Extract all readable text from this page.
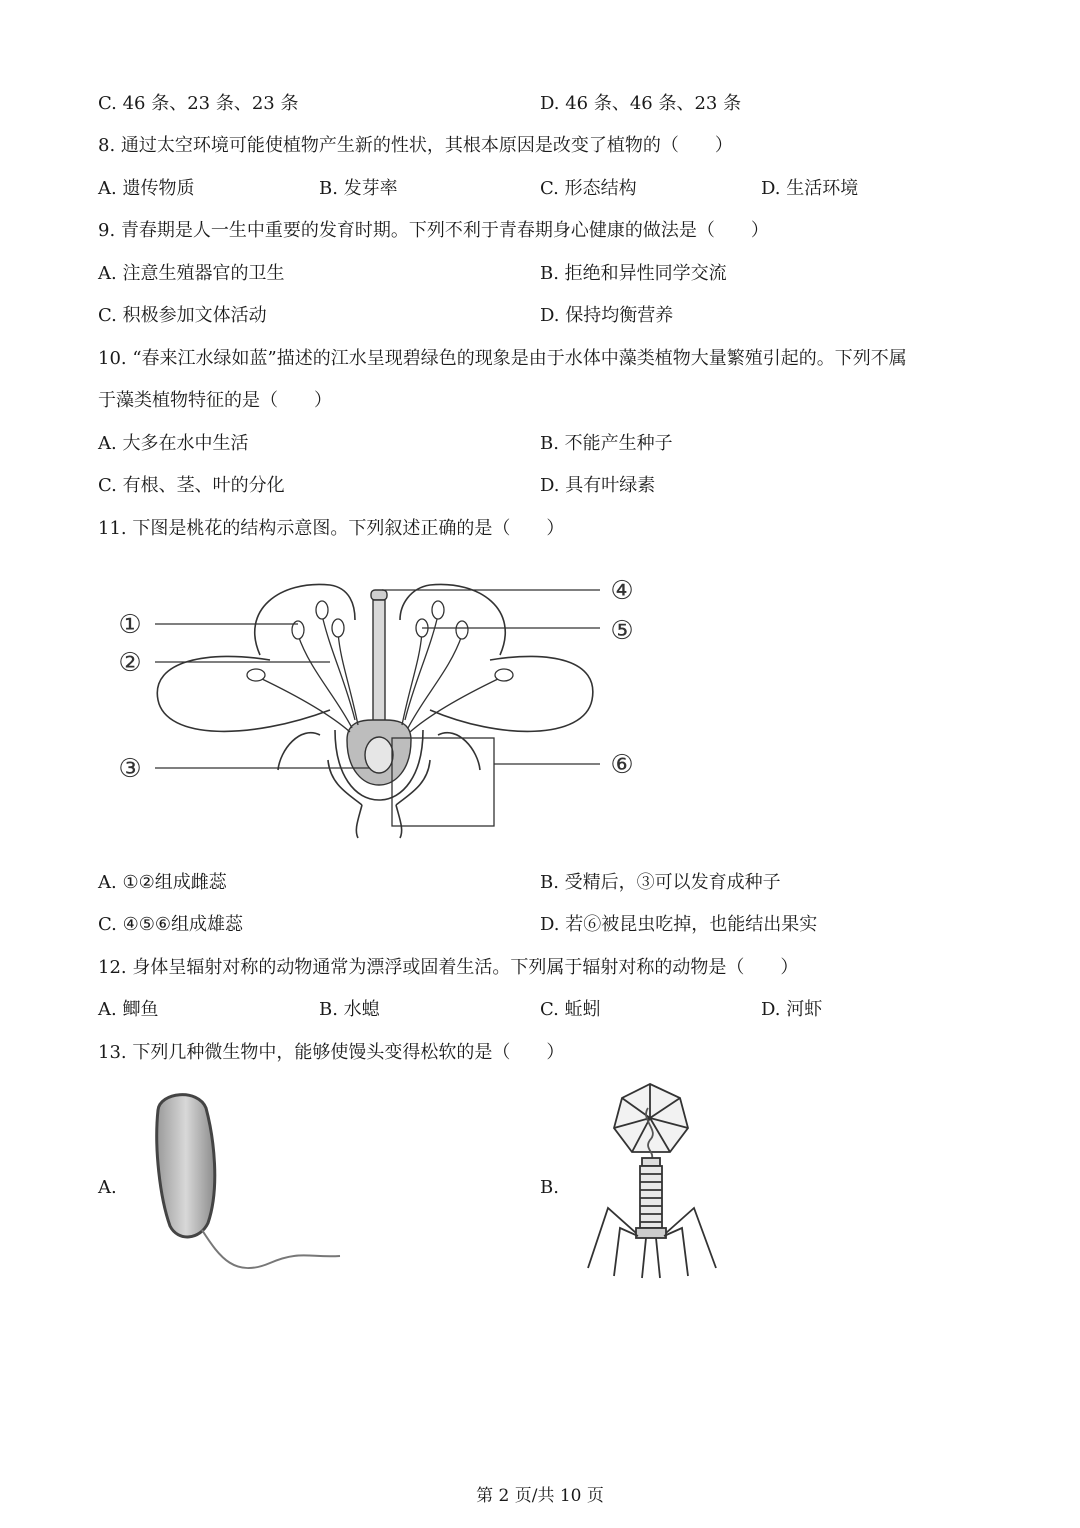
C. 46 条、23 条、23 条	D. 46 条、46 条、23 条
8. 通过太空环境可能使植物产生新的性状，其根本原因是改变了植物的（　　）
A. 遗传物质	B. 发芽率	C. 形态结构	D. 生活环境
9. 青春期是人一生中重要的发育时期。下列不利于青春期身心健康的做法是（　　）
A. 注意生殖器官的卫生	B. 拒绝和异性同学交流
C. 积极参加文体活动	D. 保持均衡营养
10. “春来江水绿如蓝”描述的江水呈现碧绿色的现象是由于水体中藻类植物大量繁殖引起的。下列不属
于藻类植物特征的是（　　）
A. 大多在水中生活	B. 不能产生种子
C. 有根、茎、叶的分化	D. 具有叶绿素
11. 下图是桃花的结构示意图。下列叙述正确的是（　　）
①
②
③
④
⑤
⑥
A. ①②组成雌蕊	B. 受精后，③可以发育成种子
C. ④⑤⑥组成雄蕊	D. 若⑥被昆虫吃掉，也能结出果实
12. 身体呈辐射对称的动物通常为漂浮或固着生活。下列属于辐射对称的动物是（　　）
A. 鲫鱼	B. 水螅	C. 蚯蚓	D. 河虾
13. 下列几种微生物中，能够使馒头变得松软的是（　　）
A.	B.
第 2 页/共 10 页
